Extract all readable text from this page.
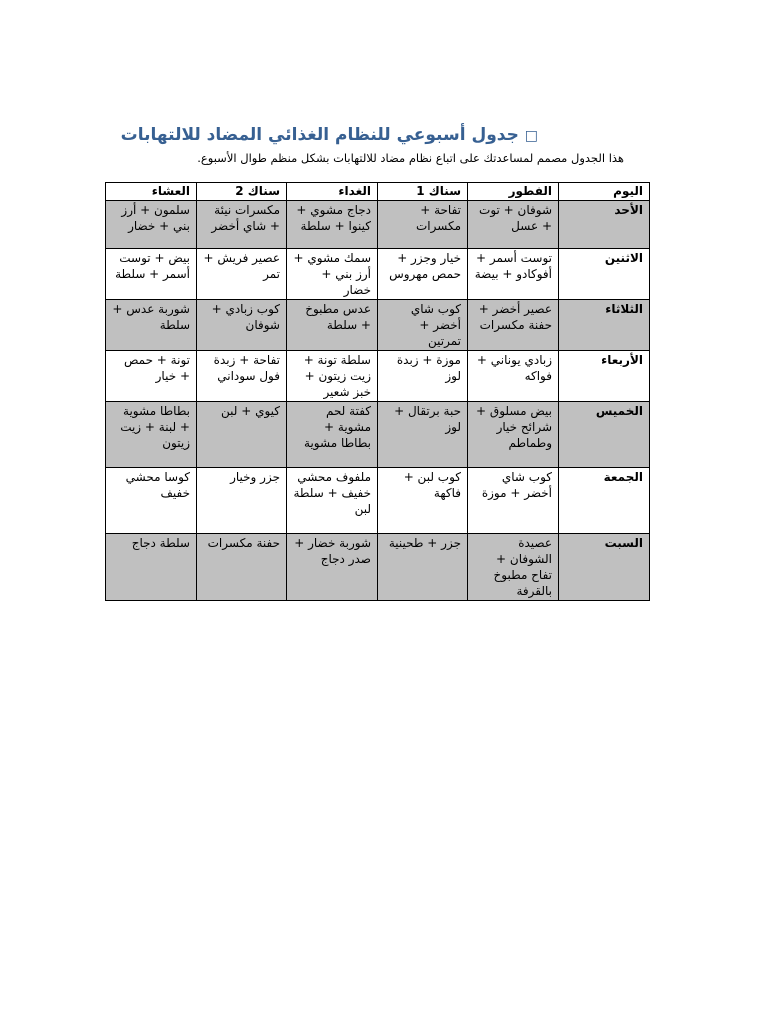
□ جدول أسبوعي للنظام الغذائي المضاد للالتهابات
هذا الجدول مصمم لمساعدتك على اتباع نظام مضاد للالتهابات بشكل منظم طوال الأسبوع.
اليوم	الفطور	سناك 1	الغداء	سناك 2	العشاء
الأحد	شوفان + توت + عسل	تفاحة + مكسرات	دجاج مشوي + كينوا + سلطة	مكسرات نيئة + شاي أخضر	سلمون + أرز بني + خضار
الاثنين	توست أسمر + أفوكادو + بيضة	خيار وجزر + حمص مهروس	سمك مشوي + أرز بني + خضار	عصير فريش + تمر	بيض + توست أسمر + سلطة
الثلاثاء	عصير أخضر + حفنة مكسرات	كوب شاي أخضر + تمرتين	عدس مطبوخ + سلطة	كوب زبادي + شوفان	شوربة عدس + سلطة
الأربعاء	زبادي يوناني + فواكه	موزة + زبدة لوز	سلطة تونة + زيت زيتون + خبز شعير	تفاحة + زبدة فول سوداني	تونة + حمص + خيار
الخميس	بيض مسلوق + شرائح خيار وطماطم	حبة برتقال + لوز	كفتة لحم مشوية + بطاطا مشوية	كيوي + لبن	بطاطا مشوية + لبنة + زيت زيتون
الجمعة	كوب شاي أخضر + موزة	كوب لبن + فاكهة	ملفوف محشي خفيف + سلطة لبن	جزر وخيار	كوسا محشي خفيف
السبت	عصيدة الشوفان + تفاح مطبوخ بالقرفة	جزر + طحينية	شوربة خضار + صدر دجاج	حفنة مكسرات	سلطة دجاج
